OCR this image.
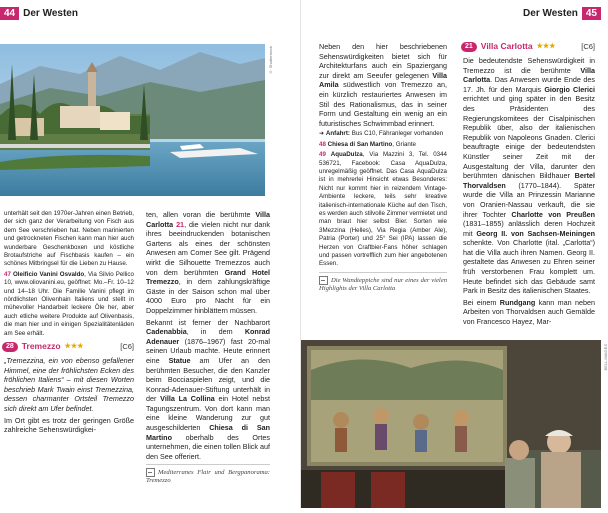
44 Der Westen
© Shutterstock

unterhält seit den 1970er-Jahren einen Betrieb, der sich ganz der Verarbeitung von Fisch aus dem See verschrieben hat. Neben marinierten und getrockneten Fischen kann man hier auch wunderbare Geschenkboxen und köstliche Brotaufstriche auf Fischbasis kaufen – ein schönes Mitbringsel für die Lieben zu Hause.

47 Oleificio Vanini Osvaldo, Via Silvio Pellico 10, www.oliovanini.eu, geöffnet: Mo.–Fr. 10–12 und 14–18 Uhr. Die Familie Vanini pflegt im nördlichsten Olivenhain Italiens und stellt in mühevoller Handarbeit leckere Öle her, aber auch etliche weitere Produkte auf Olivenbasis, die man hier und in einigen Spezialitätenläden am See erhält.

28 Tremezzo ★★★	[C6]

„Tremezzina, ein von ebenso gefallener Himmel, eine der fröhlichsten Ecken des fröhlichen Italiens“ – mit diesen Worten beschrieb Mark Twain einst Tremezzina, dessen charmanter Ortsteil Tremezzo sich direkt am Ufer befindet.

Im Ort gibt es trotz der geringen Größe zahlreiche Sehenswürdigkei-

ten, allen voran die berühmte Villa Carlotta 21, die vielen nicht nur dank ihres beeindruckenden botanischen Gartens als eines der schönsten Anwesen am Comer See gilt. Prägend wirkt die Silhouette Tremezzos auch von dem berühmten Grand Hotel Tremezzo, in dem zahlungskräftige Gäste in der Saison schon mal über 4000 Euro pro Nacht für ein Doppelzimmer hinblättern müssen.

Bekannt ist ferner der Nachbarort Cadenabbia, in dem Konrad Adenauer (1876–1967) fast 20-mal seinen Urlaub machte. Heute erinnert eine Statue am Ufer an den berühmten Besucher, die den Kanzler beim Bocciaspielen zeigt, und die Konrad-Adenauer-Stiftung unterhält in der Villa La Collina ein Hotel nebst Tagungszentrum. Von dort kann man eine kleine Wanderung zur gut ausgeschilderten Chiesa di San Martino oberhalb des Ortes unternehmen, die einen tollen Blick auf den See offeriert.

Mediterranes Flair und Bergpanorama: Tremezzo
Der Westen 45

Neben den hier beschriebenen Sehenswürdigkeiten bietet sich für Architekturfans auch ein Spaziergang zur direkt am Seeufer gelegenen Villa Amila südwestlich von Tremezzo an, ein kürzlich restauriertes Anwesen im Stil des Rationalismus, das in seiner Form und Gestaltung ein wenig an ein futuristisches Schwimmbad erinnert.

➜ Anfahrt: Bus C10, Fähranleger vorhanden

48 Chiesa di San Martino, Griante

49 AquaDulza, Via Mazzini 3, Tel. 0344 536721, Facebook: Casa AquaDulza, unregelmäßig geöffnet. Das Casa AquaDulza ist in mehrerlei Hinsicht etwas Besonderes: Nicht nur kommt hier in reizendem Vintage-Ambiente leckere, teils sehr kreative italienisch-internationale Küche auf den Tisch, es werden auch stilvolle Zimmer vermietet und man braut hier selbst Bier. Sorten wie 3Mezzina (Helles), Via Regia (Amber Ale), Patria (Porter) und 25° Sei (IPA) lassen die Herzen von Craftbier-Fans höher schlagen und passen vortrefflich zum hier angebotenen Essen.

Die Wandteppiche sind nur eines der vielen Highlights der Villa Carlotta
21 Villa Carlotta ★★★	[C6]

Die bedeutendste Sehenswürdigkeit in Tremezzo ist die berühmte Villa Carlotta. Das Anwesen wurde Ende des 17. Jh. für den Marquis Giorgio Clerici errichtet und ging später in den Besitz des Präsidenten des Regierungskomitees der Cisalpinischen Republik über, also der italienischen Republik von Napoleons Gnaden. Clerici beauftragte einige der bedeutendsten Künstler seiner Zeit mit der Ausgestaltung der Villa, darunter den berühmten dänischen Bildhauer Bertel Thorvaldsen (1770–1844). Später wurde die Villa an Prinzessin Marianne von Oranien-Nassau verkauft, die sie ihrer Tochter Charlotte von Preußen (1831–1855) anlässlich deren Hochzeit mit Georg II. von Sachsen-Meiningen schenkte. Von Charlotte (ital. „Carlotta“) hat die Villa auch ihren Namen. Georg II. gestaltete das Anwesen zu Ehren seiner früh verstorbenen Frau komplett um. Heute befindet sich das Gebäude samt Park in Besitz des italienischen Staates.

Bei einem Rundgang kann man neben Arbeiten von Thorvaldsen auch Gemälde von Francesco Hayez, Mar-

BELL.IMAGES
